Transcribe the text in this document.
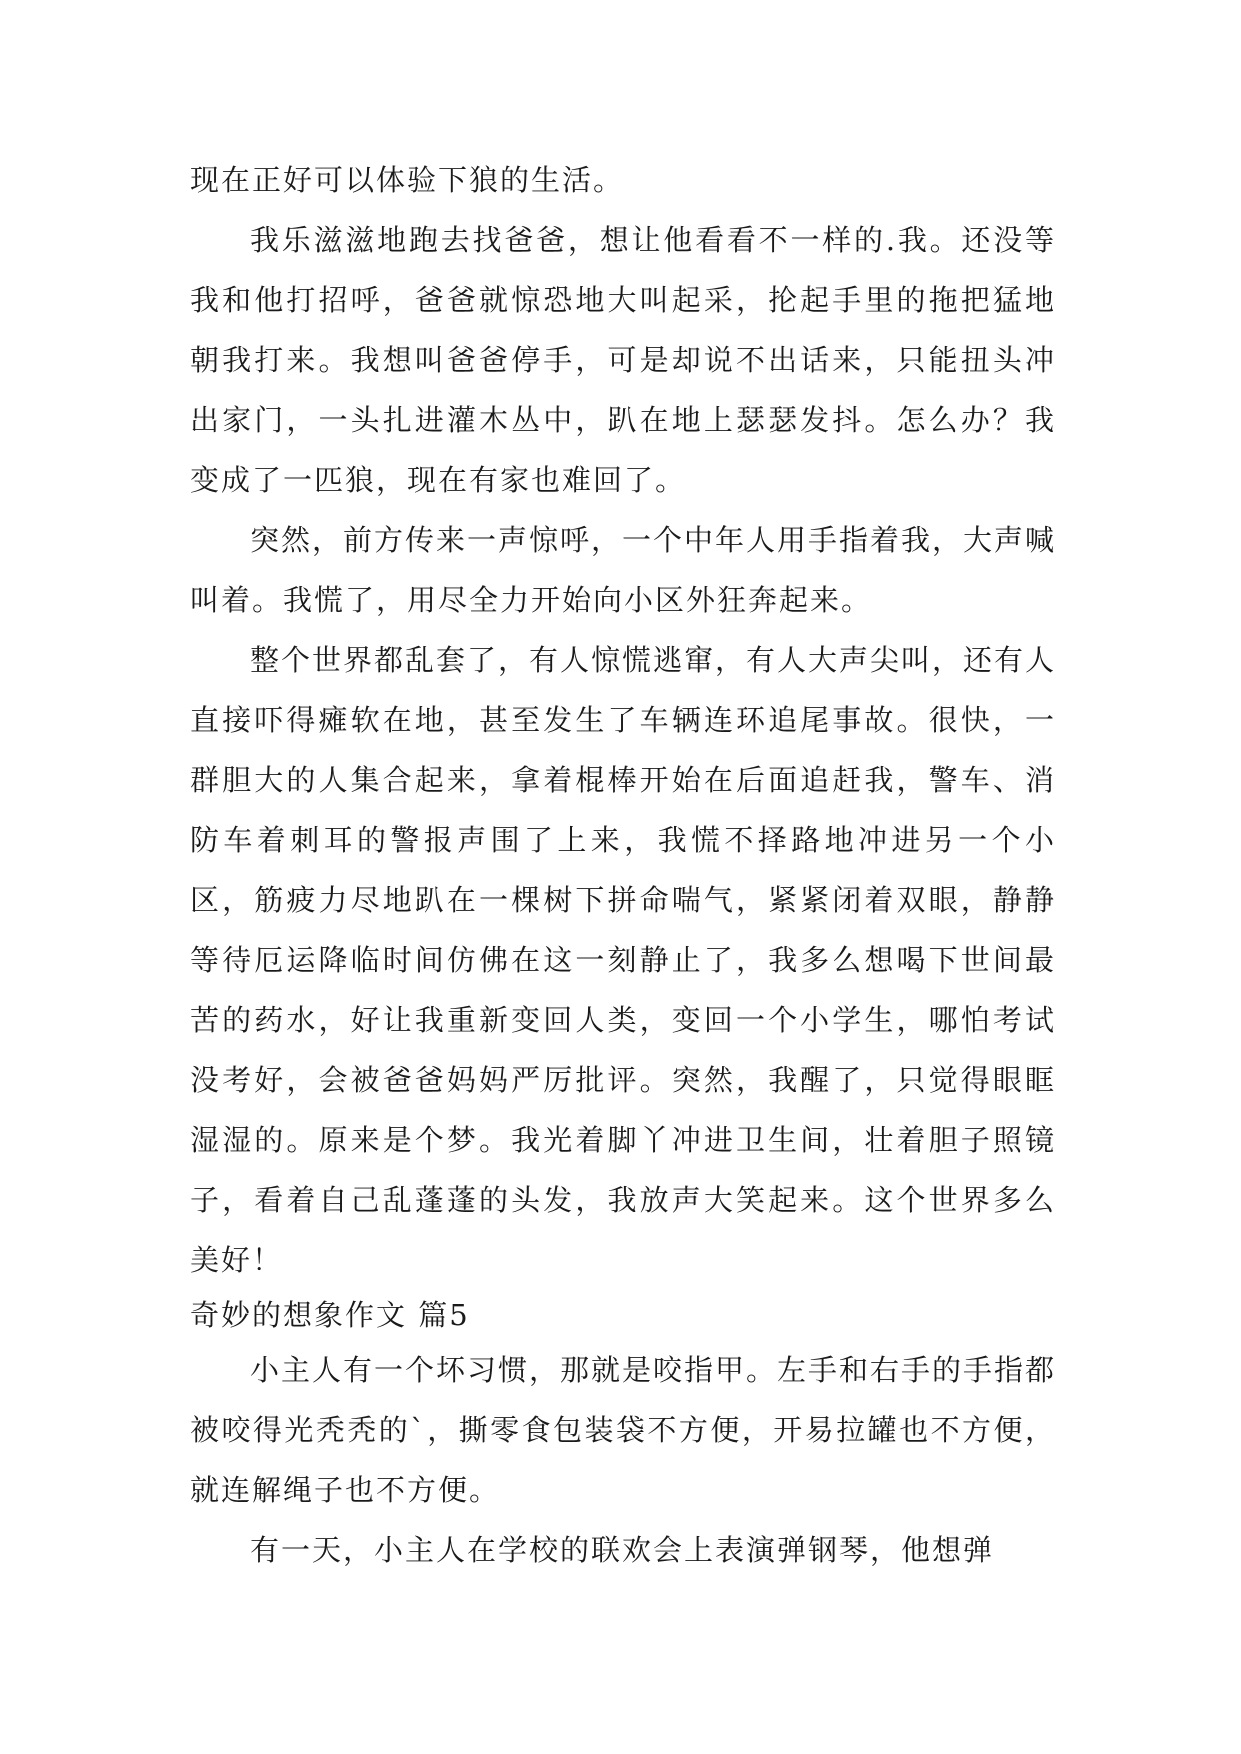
现在正好可以体验下狼的生活。

我乐滋滋地跑去找爸爸，想让他看看不一样的.我。还没等我和他打招呼，爸爸就惊恐地大叫起采，抡起手里的拖把猛地朝我打来。我想叫爸爸停手，可是却说不出话来，只能扭头冲出家门，一头扎进灌木丛中，趴在地上瑟瑟发抖。怎么办？我变成了一匹狼，现在有家也难回了。

突然，前方传来一声惊呼，一个中年人用手指着我，大声喊叫着。我慌了，用尽全力开始向小区外狂奔起来。

整个世界都乱套了，有人惊慌逃窜，有人大声尖叫，还有人直接吓得瘫软在地，甚至发生了车辆连环追尾事故。很快，一群胆大的人集合起来，拿着棍棒开始在后面追赶我，警车、消防车着刺耳的警报声围了上来，我慌不择路地冲进另一个小区，筋疲力尽地趴在一棵树下拼命喘气，紧紧闭着双眼，静静等待厄运降临时间仿佛在这一刻静止了，我多么想喝下世间最苦的药水，好让我重新变回人类，变回一个小学生，哪怕考试没考好，会被爸爸妈妈严厉批评。突然，我醒了，只觉得眼眶湿湿的。原来是个梦。我光着脚丫冲进卫生间，壮着胆子照镜子，看着自己乱蓬蓬的头发，我放声大笑起来。这个世界多么美好！

奇妙的想象作文 篇5

小主人有一个坏习惯，那就是咬指甲。左手和右手的手指都被咬得光秃秃的`，撕零食包装袋不方便，开易拉罐也不方便，就连解绳子也不方便。

有一天，小主人在学校的联欢会上表演弹钢琴，他想弹
